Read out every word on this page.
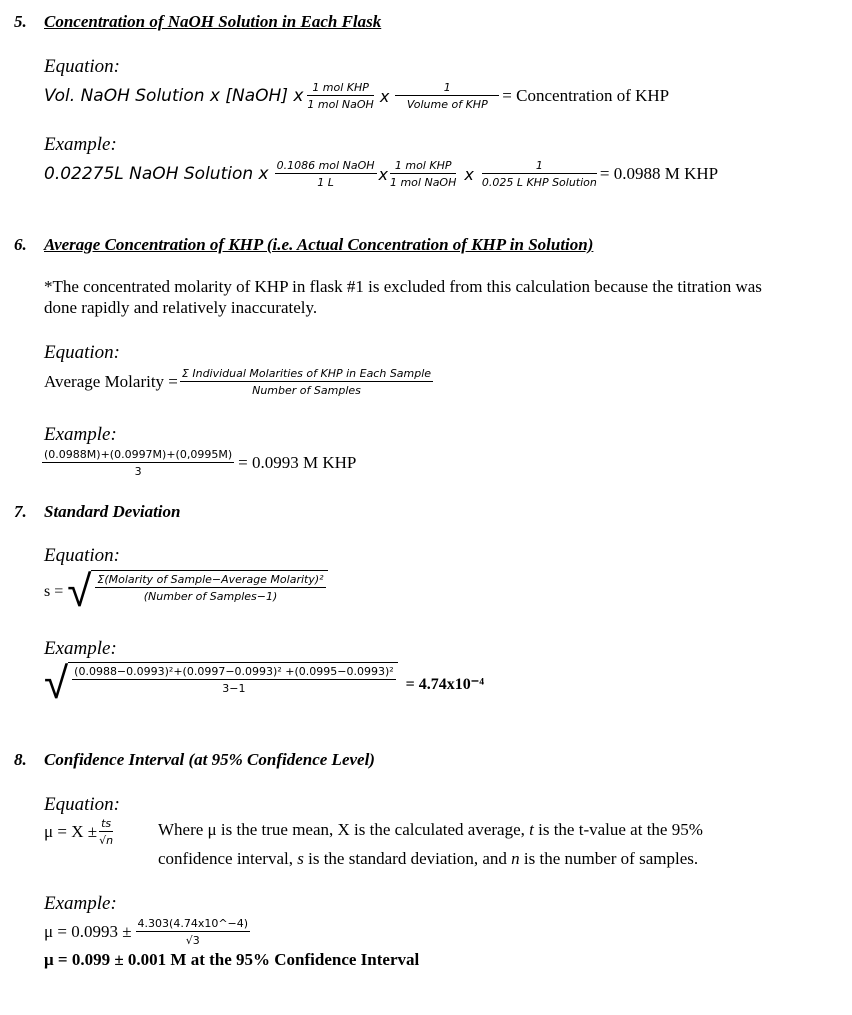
5. Concentration of NaOH Solution in Each Flask
Equation:
Vol. NaOH Solution x [NaOH] x $\frac{\text{1 mol KHP}}{\text{1 mol NaOH}}$ x $\frac{1}{\text{Volume of KHP}}$ = Concentration of KHP
Example:
0.02275L NaOH Solution x $\frac{\text{0.1086 mol NaOH}}{1 L}$ x $\frac{\text{1 mol KHP}}{\text{1 mol NaOH}}$ x $\frac{1}{\text{0.025 L KHP Solution}} = 0.0988$ M KHP
6. Average Concentration of KHP (i.e. Actual Concentration of KHP in Solution)
*The concentrated molarity of KHP in flask #1 is excluded from this calculation because the titration was
done rapidly and relatively inaccurately.
Equation:
Average Molarity = $\frac{\text{Σ Individual Molarities of KHP in Each Sample}}{\text{Number of Samples}}$
Example:
$\frac{(0.0988M)+(0.0997M)+(0,0995M)}{3} = 0.0993$ M KHP
7. Standard Deviation
Equation:
s = √ $\frac{\text{Σ(Molarity of Sample−Average Molarity)²}}{\text{(Number of Samples−1)}}$
Example:
√ $\frac{\text{(0.0988−0.0993)²+(0.0997−0.0993)² +(0.0995−0.0993)²}}{3-1} = 4.74x10^{-4}$
8. Confidence Interval (at 95% Confidence Level)
Equation:
$\mu = X \pm \frac{ts}{√n}$	Where μ is the true mean, X is the calculated average, t is the t-value at the 95%
confidence interval, s is the standard deviation, and n is the number of samples.
Example:
$\mu = 0.0993 \pm \frac{4.303(4.74x10\^{}-4)}{√3}$
μ = 0.099 ± 0.001 M at the 95% Confidence Interval
